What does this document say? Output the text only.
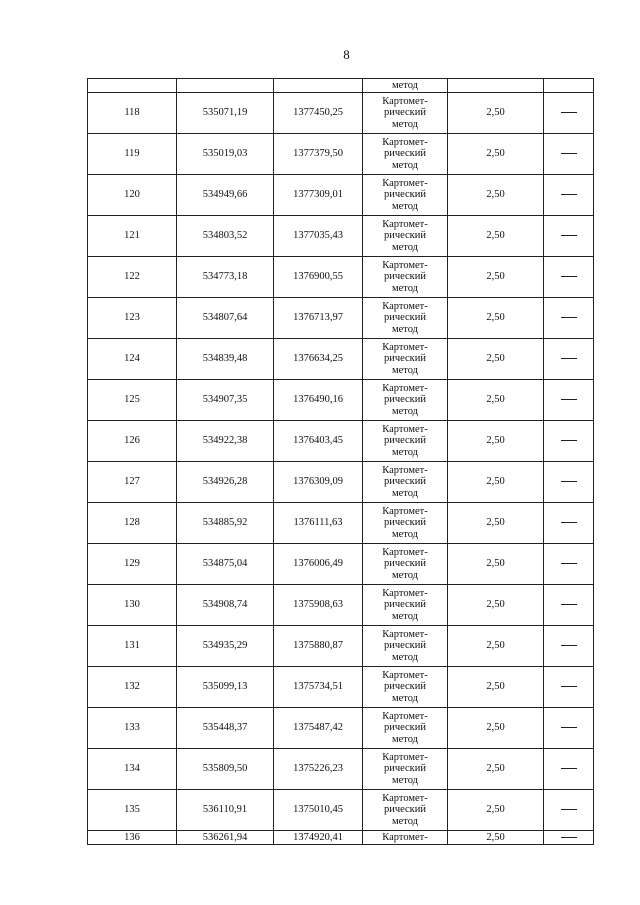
8
			метод		
118	535071,19	1377450,25	Картомет-
рический
метод	2,50	
119	535019,03	1377379,50	Картомет-
рический
метод	2,50	
120	534949,66	1377309,01	Картомет-
рический
метод	2,50	
121	534803,52	1377035,43	Картомет-
рический
метод	2,50	
122	534773,18	1376900,55	Картомет-
рический
метод	2,50	
123	534807,64	1376713,97	Картомет-
рический
метод	2,50	
124	534839,48	1376634,25	Картомет-
рический
метод	2,50	
125	534907,35	1376490,16	Картомет-
рический
метод	2,50	
126	534922,38	1376403,45	Картомет-
рический
метод	2,50	
127	534926,28	1376309,09	Картомет-
рический
метод	2,50	
128	534885,92	1376111,63	Картомет-
рический
метод	2,50	
129	534875,04	1376006,49	Картомет-
рический
метод	2,50	
130	534908,74	1375908,63	Картомет-
рический
метод	2,50	
131	534935,29	1375880,87	Картомет-
рический
метод	2,50	
132	535099,13	1375734,51	Картомет-
рический
метод	2,50	
133	535448,37	1375487,42	Картомет-
рический
метод	2,50	
134	535809,50	1375226,23	Картомет-
рический
метод	2,50	
135	536110,91	1375010,45	Картомет-
рический
метод	2,50	
136	536261,94	1374920,41	Картомет-	2,50	
